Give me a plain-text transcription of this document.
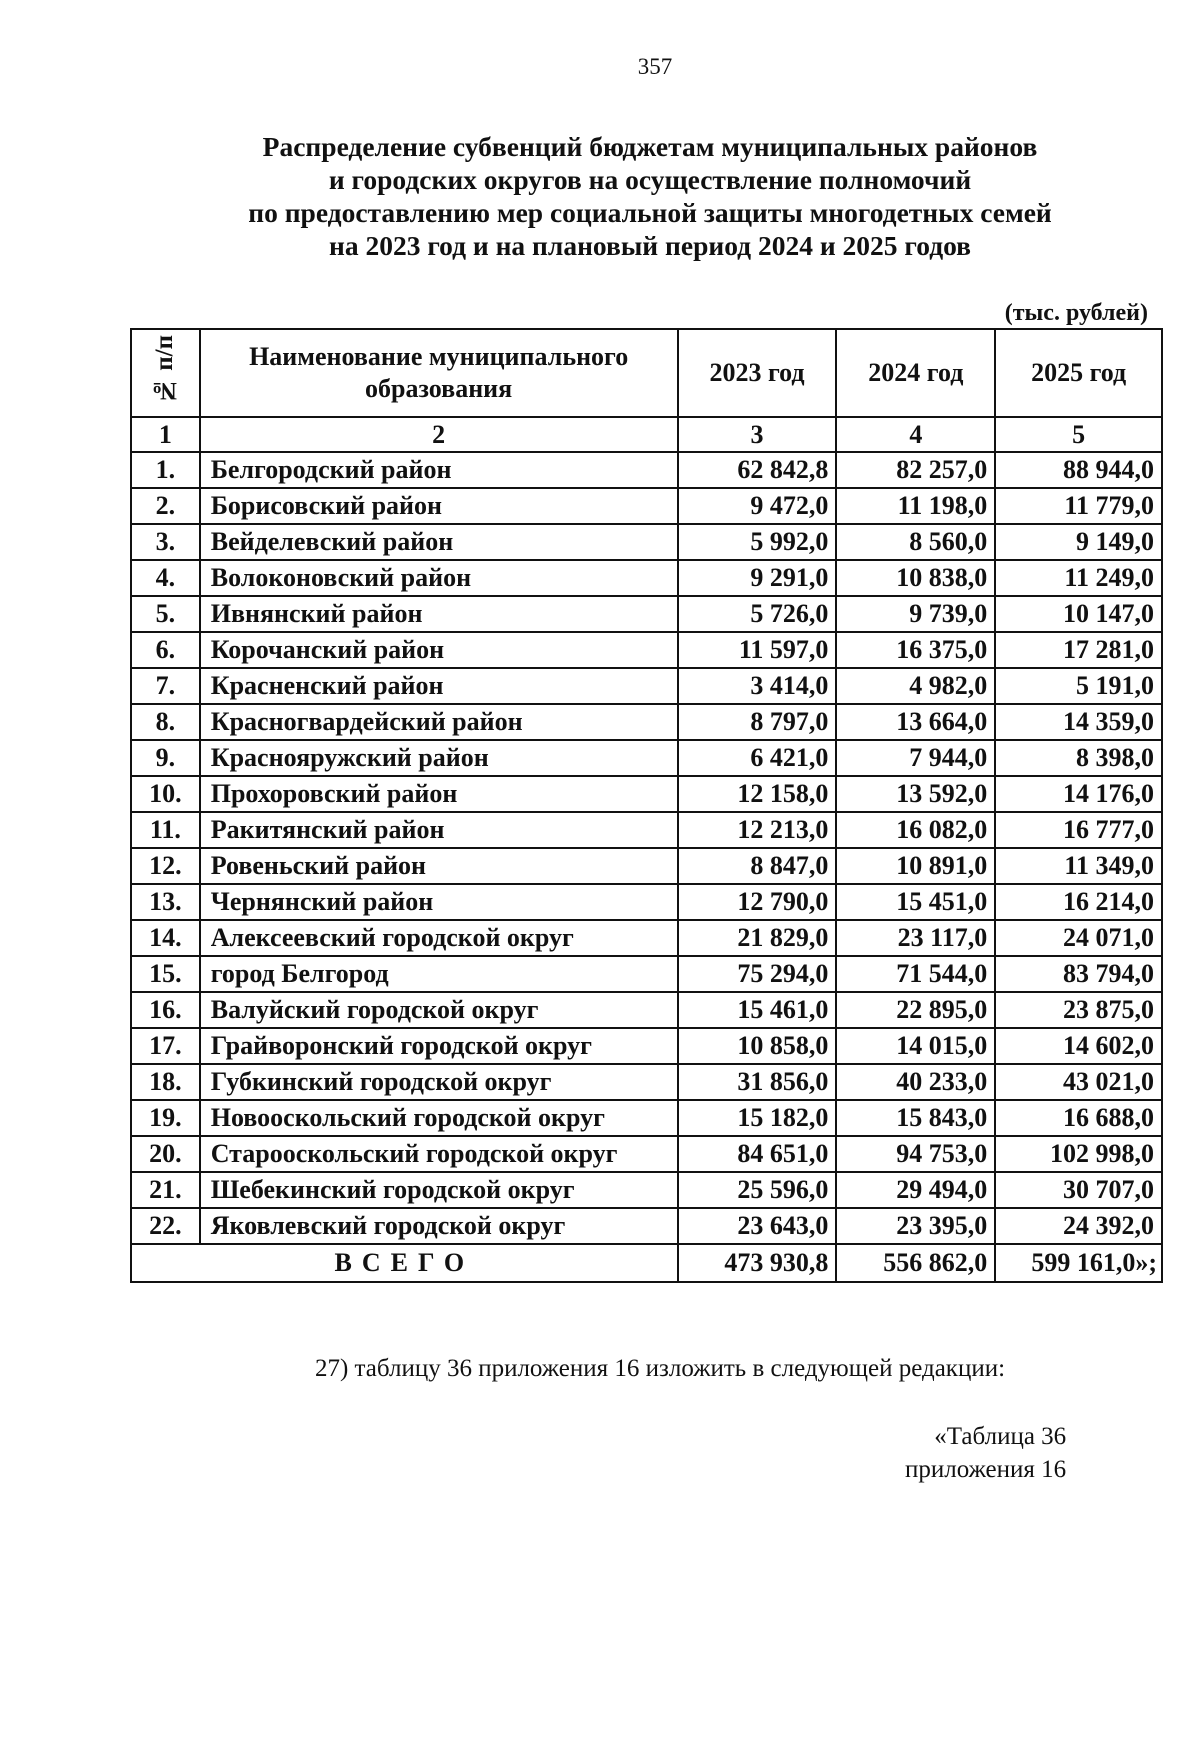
357
Распределение субвенций бюджетам муниципальных районов
и городских округов на осуществление полномочий
по предоставлению мер социальной защиты многодетных семей
на 2023 год и на плановый период 2024 и 2025 годов
(тыс. рублей)
№ п/п	Наименование муниципального образования	2023 год	2024 год	2025 год
1	2	3	4	5
1.	Белгородский район	62 842,8	82 257,0	88 944,0
2.	Борисовский район	9 472,0	11 198,0	11 779,0
3.	Вейделевский район	5 992,0	8 560,0	9 149,0
4.	Волоконовский район	9 291,0	10 838,0	11 249,0
5.	Ивнянский район	5 726,0	9 739,0	10 147,0
6.	Корочанский район	11 597,0	16 375,0	17 281,0
7.	Красненский район	3 414,0	4 982,0	5 191,0
8.	Красногвардейский район	8 797,0	13 664,0	14 359,0
9.	Краснояружский район	6 421,0	7 944,0	8 398,0
10.	Прохоровский район	12 158,0	13 592,0	14 176,0
11.	Ракитянский район	12 213,0	16 082,0	16 777,0
12.	Ровеньский район	8 847,0	10 891,0	11 349,0
13.	Чернянский район	12 790,0	15 451,0	16 214,0
14.	Алексеевский городской округ	21 829,0	23 117,0	24 071,0
15.	город Белгород	75 294,0	71 544,0	83 794,0
16.	Валуйский городской округ	15 461,0	22 895,0	23 875,0
17.	Грайворонский городской округ	10 858,0	14 015,0	14 602,0
18.	Губкинский городской округ	31 856,0	40 233,0	43 021,0
19.	Новооскольский городской округ	15 182,0	15 843,0	16 688,0
20.	Старооскольский городской округ	84 651,0	94 753,0	102 998,0
21.	Шебекинский городской округ	25 596,0	29 494,0	30 707,0
22.	Яковлевский городской округ	23 643,0	23 395,0	24 392,0
ВСЕГО		473 930,8	556 862,0	599 161,0»;
27) таблицу 36 приложения 16 изложить в следующей редакции:
«Таблица 36
приложения 16
